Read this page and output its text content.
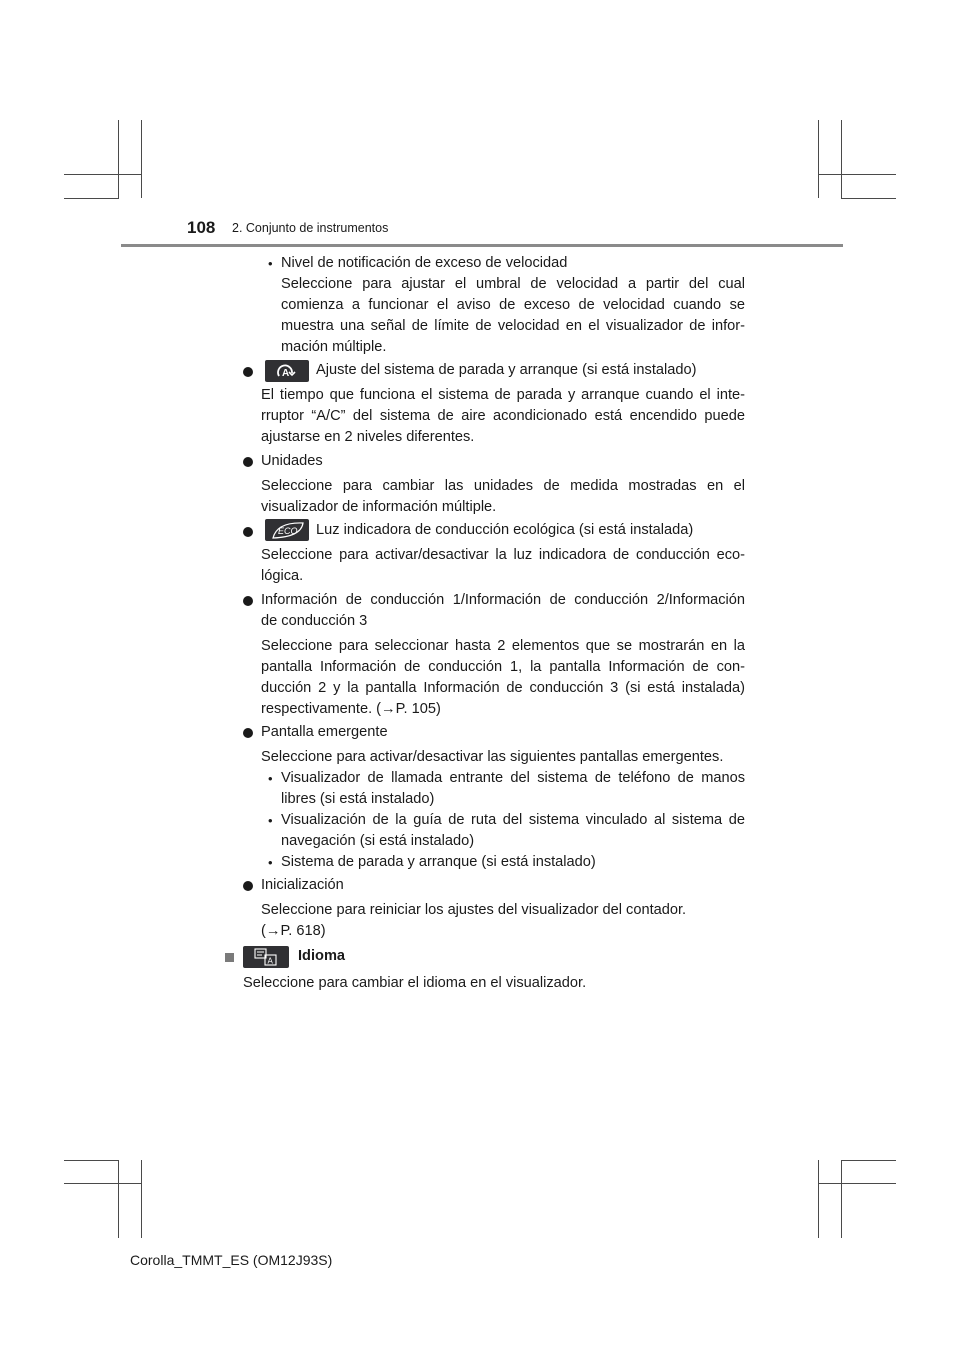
108 2. Conjunto de instrumentos
• Nivel de notificación de exceso de velocidad
Seleccione para ajustar el umbral de velocidad a partir del cual
comienza a funcionar el aviso de exceso de velocidad cuando se
muestra una señal de límite de velocidad en el visualizador de infor-
mación múltiple.
A Ajuste del sistema de parada y arranque (si está instalado)
El tiempo que funciona el sistema de parada y arranque cuando el inte-
rruptor “A/C” del sistema de aire acondicionado está encendido puede
ajustarse en 2 niveles diferentes.
Unidades
Seleccione para cambiar las unidades de medida mostradas en el
visualizador de información múltiple.
ECO Luz indicadora de conducción ecológica (si está instalada)
Seleccione para activar/desactivar la luz indicadora de conducción eco-
lógica.
Información de conducción 1/Información de conducción 2/Información
de conducción 3
Seleccione para seleccionar hasta 2 elementos que se mostrarán en la
pantalla Información de conducción 1, la pantalla Información de con-
ducción 2 y la pantalla Información de conducción 3 (si está instalada)
respectivamente. (→P. 105)
Pantalla emergente
Seleccione para activar/desactivar las siguientes pantallas emergentes.
• Visualizador de llamada entrante del sistema de teléfono de manos
libres (si está instalado)
• Visualización de la guía de ruta del sistema vinculado al sistema de
navegación (si está instalado)
• Sistema de parada y arranque (si está instalado)
Inicialización
Seleccione para reiniciar los ajustes del visualizador del contador.
(→P. 618)
A Idioma
Seleccione para cambiar el idioma en el visualizador.
Corolla_TMMT_ES (OM12J93S)
